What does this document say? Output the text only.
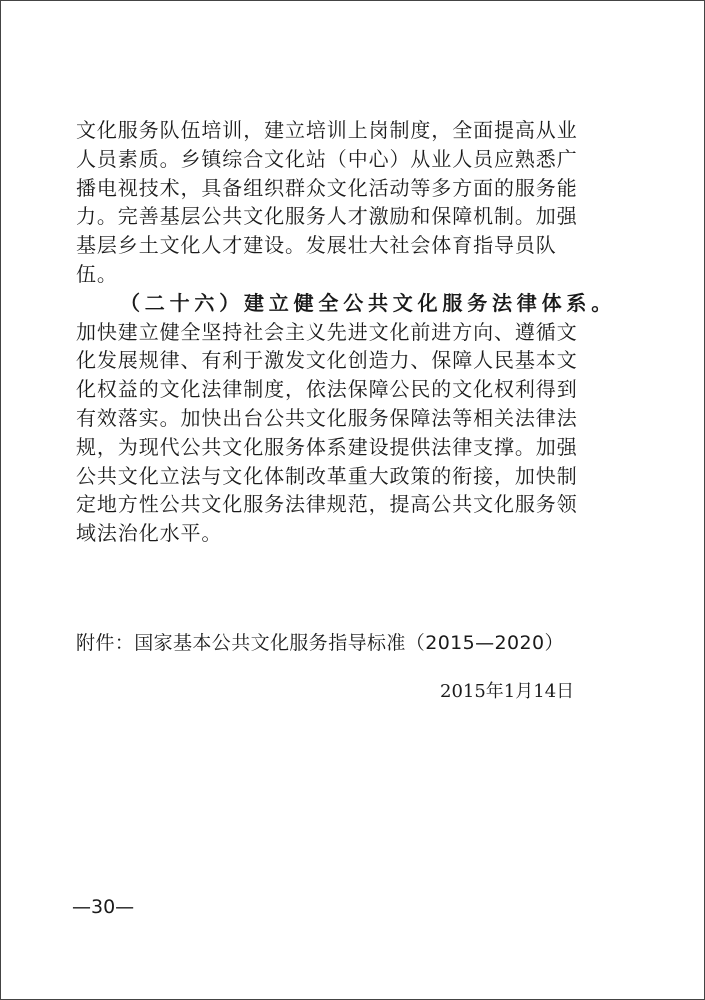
文化服务队伍培训，建立培训上岗制度，全面提高从业
人员素质。乡镇综合文化站（中心）从业人员应熟悉广
播电视技术，具备组织群众文化活动等多方面的服务能
力。完善基层公共文化服务人才激励和保障机制。加强
基层乡土文化人才建设。发展壮大社会体育指导员队
伍。
（二十六）建立健全公共文化服务法律体系。
加快建立健全坚持社会主义先进文化前进方向、遵循文
化发展规律、有利于激发文化创造力、保障人民基本文
化权益的文化法律制度，依法保障公民的文化权利得到
有效落实。加快出台公共文化服务保障法等相关法律法
规，为现代公共文化服务体系建设提供法律支撑。加强
公共文化立法与文化体制改革重大政策的衔接，加快制
定地方性公共文化服务法律规范，提高公共文化服务领
域法治化水平。
附件：国家基本公共文化服务指导标准（2015—2020）
2015年1月14日
—30—
